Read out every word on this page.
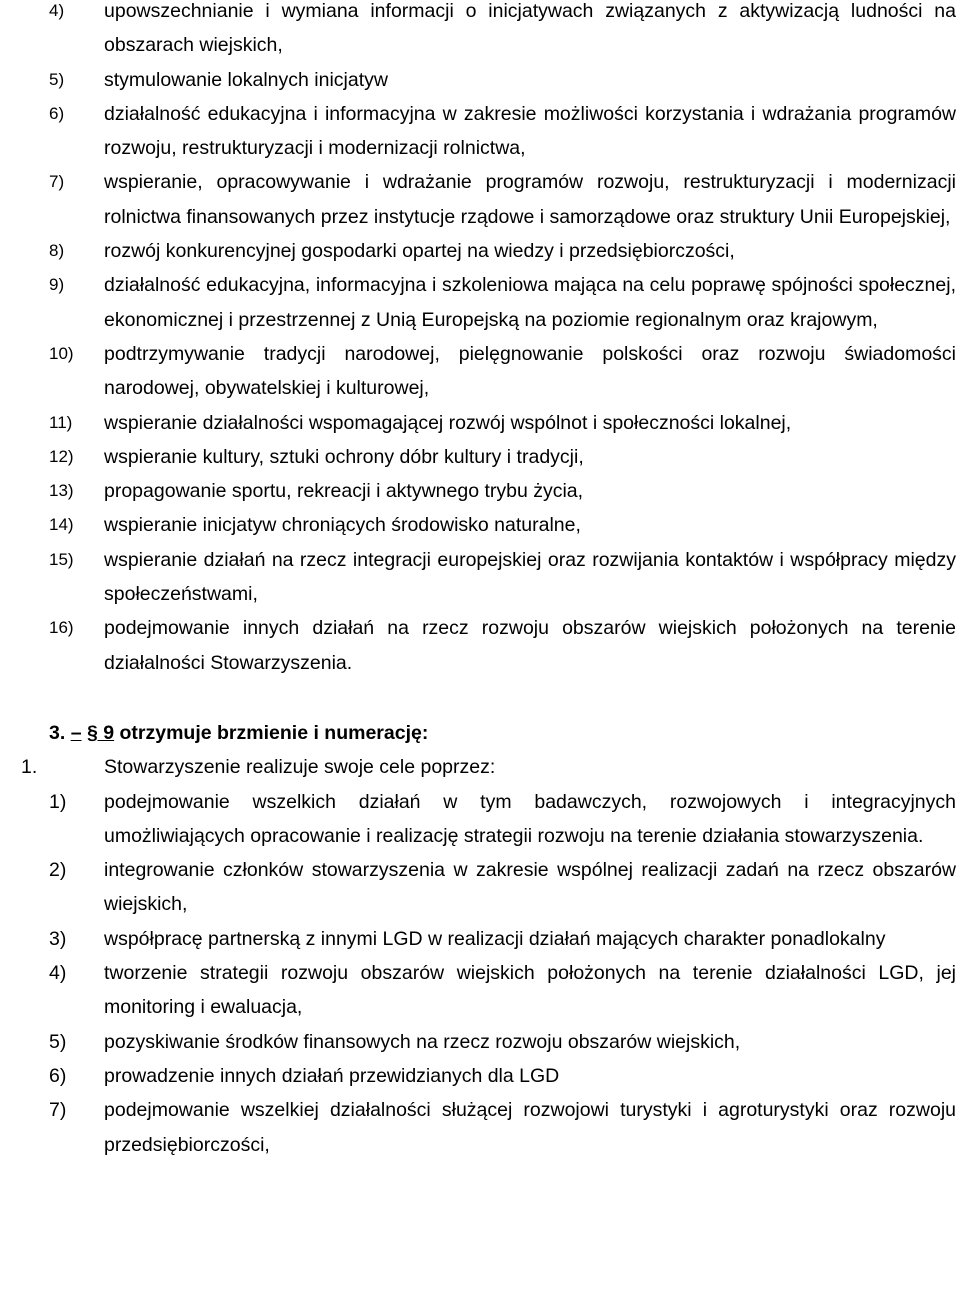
4)	upowszechnianie i wymiana informacji o inicjatywach związanych z aktywizacją ludności na obszarach wiejskich,
5)	stymulowanie lokalnych inicjatyw
6)	działalność edukacyjna i informacyjna w zakresie możliwości korzystania i wdrażania programów rozwoju, restrukturyzacji i modernizacji rolnictwa,
7)	wspieranie, opracowywanie i wdrażanie programów rozwoju, restrukturyzacji i modernizacji rolnictwa finansowanych przez instytucje rządowe i samorządowe oraz struktury Unii Europejskiej,
8)	rozwój konkurencyjnej gospodarki opartej na wiedzy i przedsiębiorczości,
9)	działalność edukacyjna, informacyjna i szkoleniowa mająca na celu poprawę spójności społecznej, ekonomicznej i przestrzennej z Unią Europejską na poziomie regionalnym oraz krajowym,
10)	podtrzymywanie tradycji narodowej, pielęgnowanie polskości oraz rozwoju świadomości narodowej, obywatelskiej i kulturowej,
11)	wspieranie działalności wspomagającej rozwój wspólnot i społeczności lokalnej,
12)	wspieranie kultury, sztuki ochrony dóbr kultury i tradycji,
13)	propagowanie sportu, rekreacji i aktywnego trybu życia,
14)	wspieranie inicjatyw chroniących środowisko naturalne,
15)	wspieranie działań na rzecz integracji europejskiej oraz rozwijania kontaktów i współpracy między społeczeństwami,
16)	podejmowanie innych działań na rzecz rozwoju obszarów wiejskich położonych na terenie działalności Stowarzyszenia.
3. – § 9 otrzymuje brzmienie i numerację:
1.	Stowarzyszenie realizuje swoje cele poprzez:
1)	podejmowanie wszelkich działań w tym badawczych, rozwojowych i integracyjnych umożliwiających opracowanie i realizację strategii rozwoju na terenie działania stowarzyszenia.
2)	integrowanie członków stowarzyszenia w zakresie wspólnej realizacji zadań na rzecz obszarów wiejskich,
3)	współpracę partnerską z innymi LGD w realizacji działań mających charakter ponadlokalny
4)	tworzenie strategii rozwoju obszarów wiejskich położonych na terenie działalności LGD, jej monitoring i ewaluacja,
5)	pozyskiwanie środków finansowych na rzecz rozwoju obszarów wiejskich,
6)	prowadzenie innych działań przewidzianych dla LGD
7)	podejmowanie wszelkiej działalności służącej rozwojowi turystyki i agroturystyki oraz rozwoju przedsiębiorczości,
